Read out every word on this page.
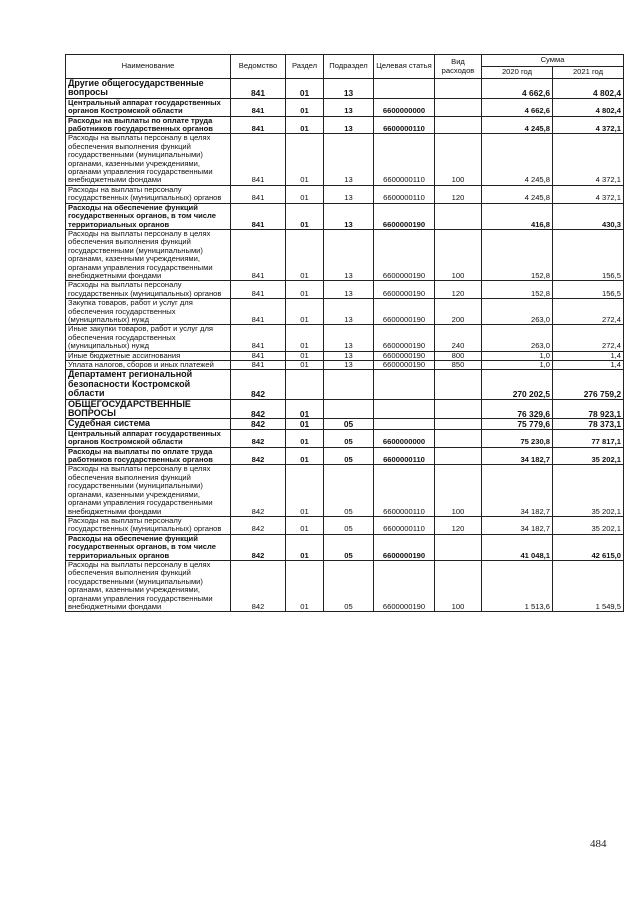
Наименование	Ведомство	Раздел	Подраздел	Целевая статья	Вид расходов	Сумма	
						2020 год	2021 год
Другие общегосударственные вопросы	841	01	13			4 662,6	4 802,4
Центральный аппарат государственных органов Костромской области	841	01	13	6600000000		4 662,6	4 802,4
Расходы на выплаты по оплате труда работников государственных органов	841	01	13	6600000110		4 245,8	4 372,1
Расходы на выплаты персоналу в целях обеспечения выполнения функций государственными (муниципальными) органами, казенными учреждениями, органами управления государственными внебюджетными фондами	841	01	13	6600000110	100	4 245,8	4 372,1
Расходы на выплаты персоналу государственных (муниципальных) органов	841	01	13	6600000110	120	4 245,8	4 372,1
Расходы на обеспечение функций государственных органов, в том числе территориальных органов	841	01	13	6600000190		416,8	430,3
Расходы на выплаты персоналу в целях обеспечения выполнения функций государственными (муниципальными) органами, казенными учреждениями, органами управления государственными внебюджетными фондами	841	01	13	6600000190	100	152,8	156,5
Расходы на выплаты персоналу государственных (муниципальных) органов	841	01	13	6600000190	120	152,8	156,5
Закупка товаров, работ и услуг для обеспечения государственных (муниципальных) нужд	841	01	13	6600000190	200	263,0	272,4
Иные закупки товаров, работ и услуг для обеспечения государственных (муниципальных) нужд	841	01	13	6600000190	240	263,0	272,4
Иные бюджетные ассигнования	841	01	13	6600000190	800	1,0	1,4
Уплата налогов, сборов и иных платежей	841	01	13	6600000190	850	1,0	1,4
Департамент региональной безопасности Костромской области	842					270 202,5	276 759,2
ОБЩЕГОСУДАРСТВЕННЫЕ ВОПРОСЫ	842	01				76 329,6	78 923,1
Судебная система	842	01	05			75 779,6	78 373,1
Центральный аппарат государственных органов Костромской области	842	01	05	6600000000		75 230,8	77 817,1
Расходы на выплаты по оплате труда работников государственных органов	842	01	05	6600000110		34 182,7	35 202,1
Расходы на выплаты персоналу в целях обеспечения выполнения функций государственными (муниципальными) органами, казенными учреждениями, органами управления государственными внебюджетными фондами	842	01	05	6600000110	100	34 182,7	35 202,1
Расходы на выплаты персоналу государственных (муниципальных) органов	842	01	05	6600000110	120	34 182,7	35 202,1
Расходы на обеспечение функций государственных органов, в том числе территориальных органов	842	01	05	6600000190		41 048,1	42 615,0
Расходы на выплаты персоналу в целях обеспечения выполнения функций государственными (муниципальными) органами, казенными учреждениями, органами управления государственными внебюджетными фондами	842	01	05	6600000190	100	1 513,6	1 549,5
484
